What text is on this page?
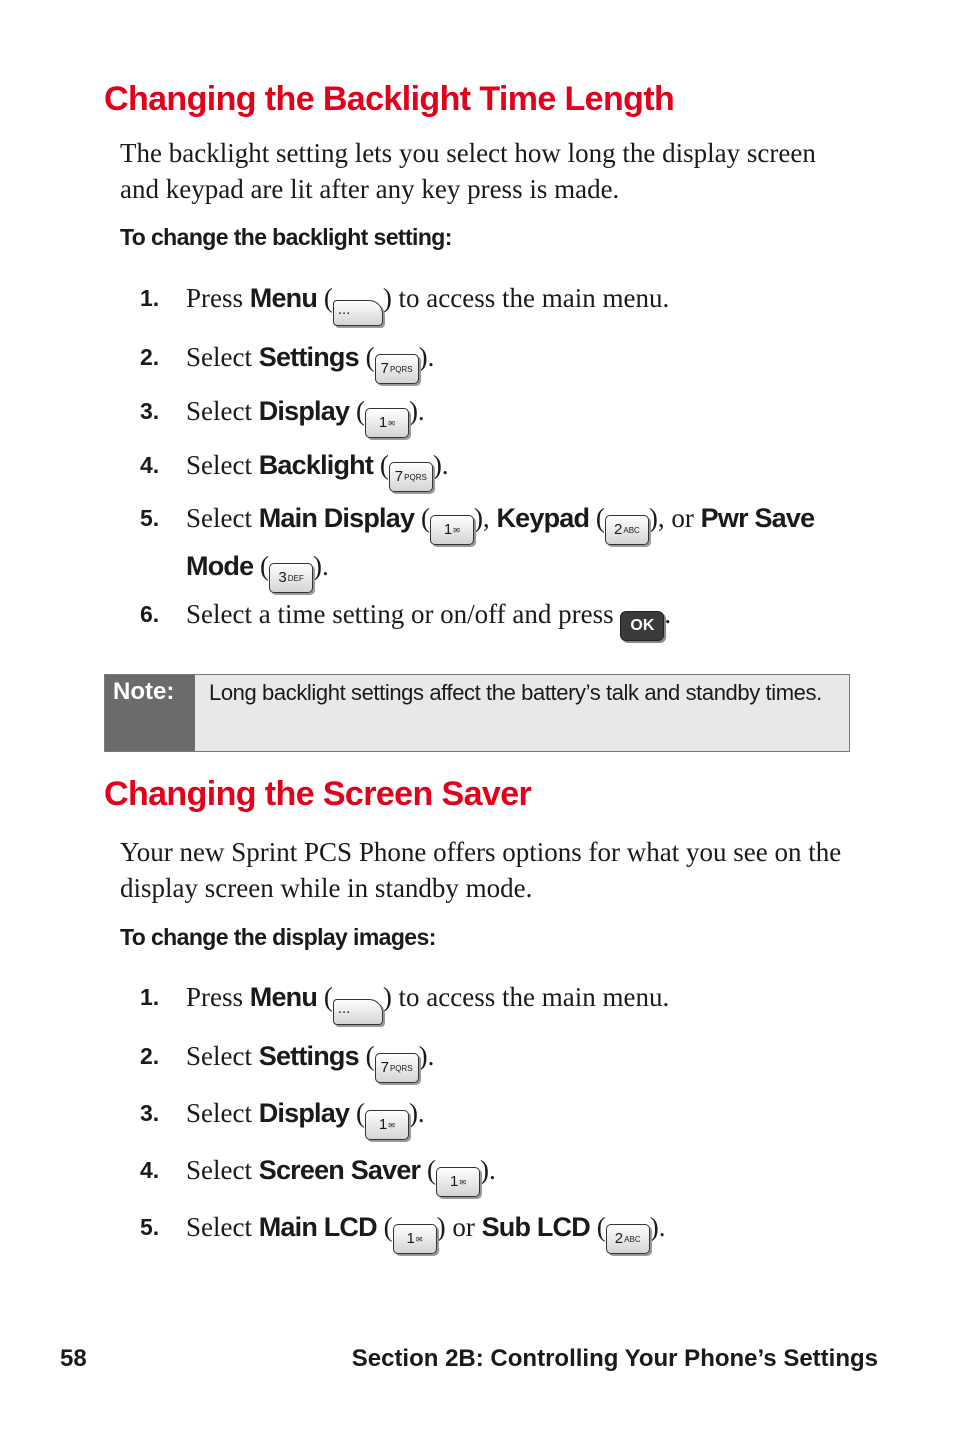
Changing the Backlight Time Length

The backlight setting lets you select how long the display screen and keypad are lit after any key press is made.

To change the backlight setting:

1. Press Menu ( ... ) to access the main menu.
2. Select Settings ( 7PQRS ).
3. Select Display ( 1✉ ).
4. Select Backlight ( 7PQRS ).
5. Select Main Display ( 1✉ ), Keypad ( 2ABC ), or Pwr Save Mode ( 3DEF ).
6. Select a time setting or on/off and press OK .
Note:	Long backlight settings affect the battery’s talk and standby times.
Changing the Screen Saver

Your new Sprint PCS Phone offers options for what you see on the display screen while in standby mode.

To change the display images:

1. Press Menu ( ... ) to access the main menu.
2. Select Settings ( 7PQRS ).
3. Select Display ( 1✉ ).
4. Select Screen Saver ( 1✉ ).
5. Select Main LCD ( 1✉ ) or Sub LCD ( 2ABC ).
58	Section 2B: Controlling Your Phone’s Settings
